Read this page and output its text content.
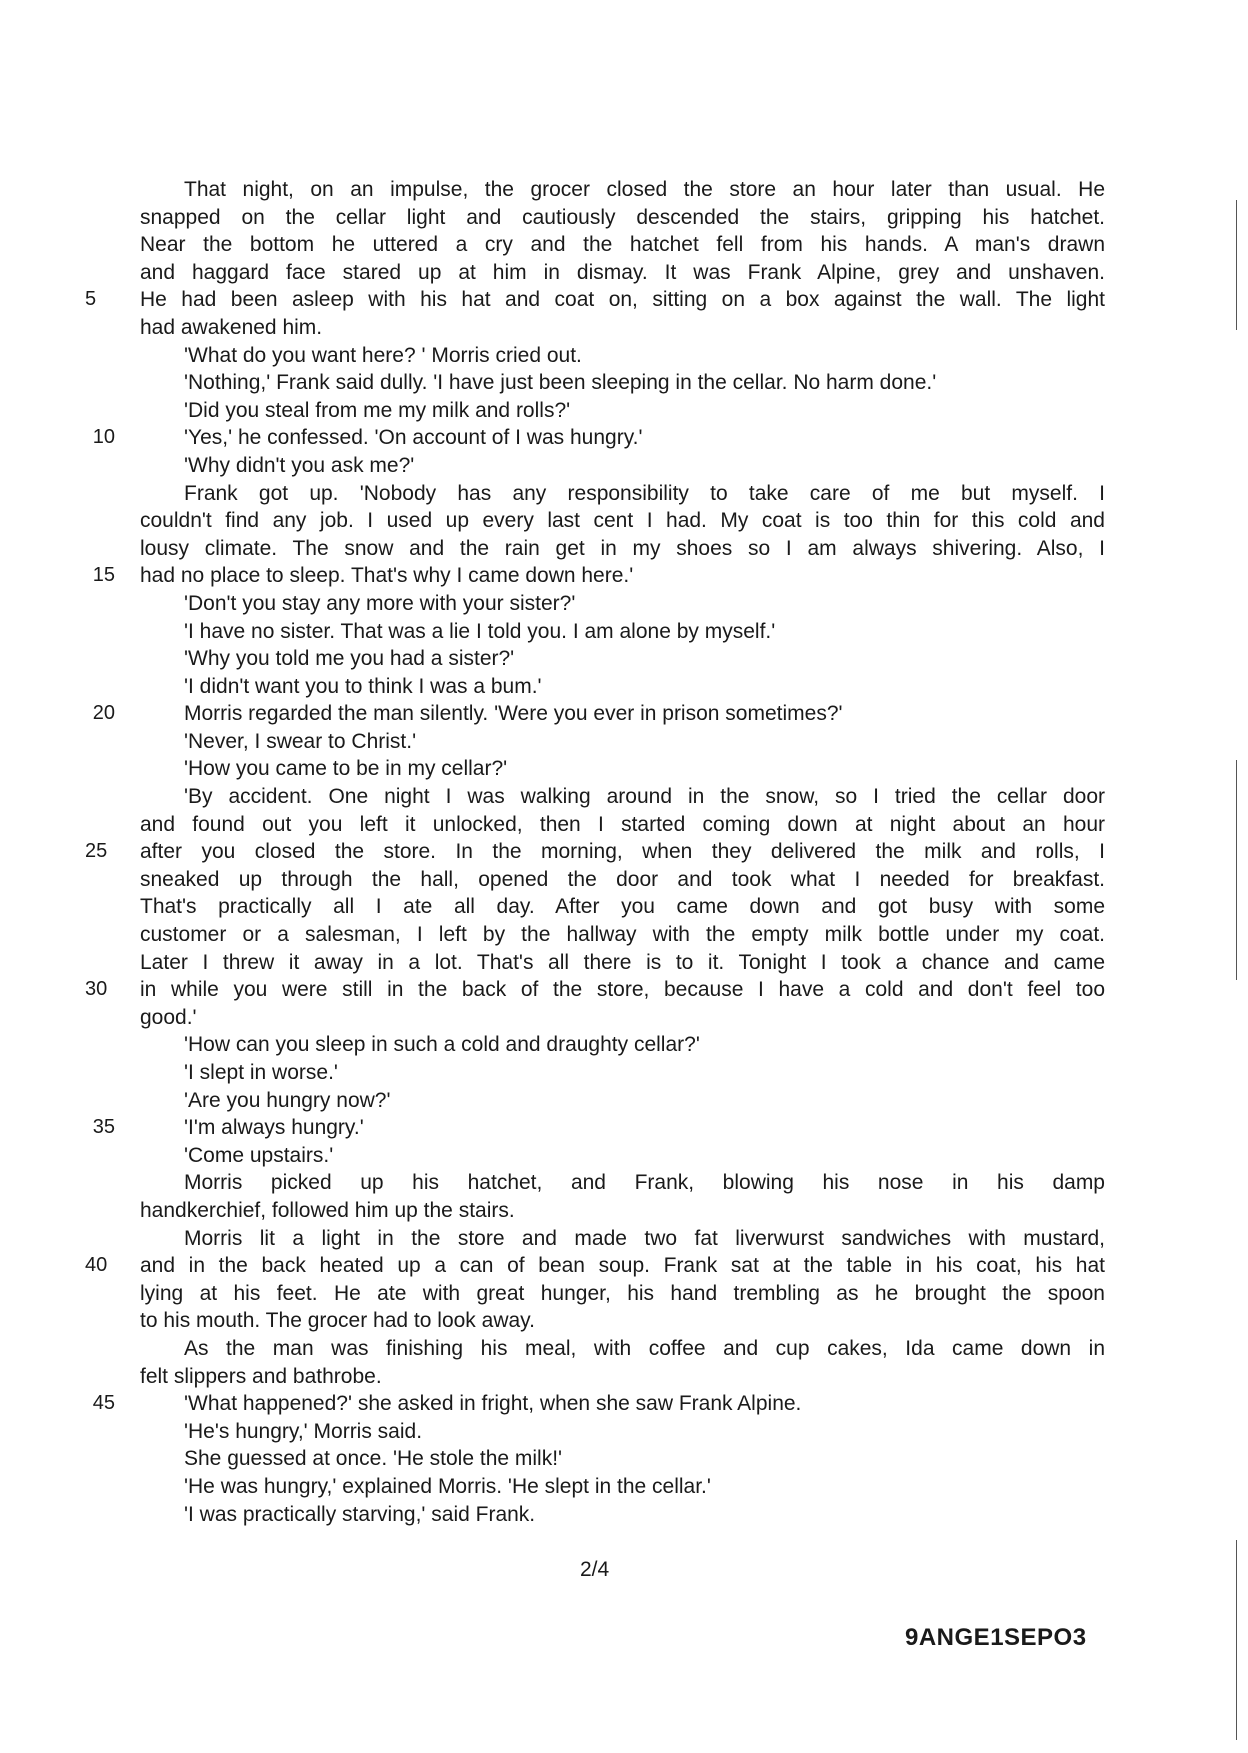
That night, on an impulse, the grocer closed the store an hour later than usual. He
snapped on the cellar light and cautiously descended the stairs, gripping his hatchet.
Near the bottom he uttered a cry and the hatchet fell from his hands. A man's drawn
and haggard face stared up at him in dismay. It was Frank Alpine, grey and unshaven.
5	He had been asleep with his hat and coat on, sitting on a box against the wall. The light
had awakened him.
'What do you want here? ' Morris cried out.
'Nothing,' Frank said dully. 'I have just been sleeping in the cellar. No harm done.'
'Did you steal from me my milk and rolls?'
10	'Yes,' he confessed. 'On account of I was hungry.'
'Why didn't you ask me?'
Frank got up. 'Nobody has any responsibility to take care of me but myself. I
couldn't find any job. I used up every last cent I had. My coat is too thin for this cold and
lousy climate. The snow and the rain get in my shoes so I am always shivering. Also, I
15 had no place to sleep. That's why I came down here.'
'Don't you stay any more with your sister?'
'I have no sister. That was a lie I told you. I am alone by myself.'
'Why you told me you had a sister?'
'I didn't want you to think I was a bum.'
20	Morris regarded the man silently. 'Were you ever in prison sometimes?'
'Never, I swear to Christ.'
'How you came to be in my cellar?'
'By accident. One night I was walking around in the snow, so I tried the cellar door
and found out you left it unlocked, then I started coming down at night about an hour
25	after you closed the store. In the morning, when they delivered the milk and rolls, I
sneaked up through the hall, opened the door and took what I needed for breakfast.
That's practically all I ate all day. After you came down and got busy with some
customer or a salesman, I left by the hallway with the empty milk bottle under my coat.
Later I threw it away in a lot. That's all there is to it. Tonight I took a chance and came
30	in while you were still in the back of the store, because I have a cold and don't feel too
good.'
'How can you sleep in such a cold and draughty cellar?'
'I slept in worse.'
'Are you hungry now?'
35	'I'm always hungry.'
'Come upstairs.'
Morris picked up his hatchet, and Frank, blowing his nose in his damp
handkerchief, followed him up the stairs.
Morris lit a light in the store and made two fat liverwurst sandwiches with mustard,
40	and in the back heated up a can of bean soup. Frank sat at the table in his coat, his hat
lying at his feet. He ate with great hunger, his hand trembling as he brought the spoon
to his mouth. The grocer had to look away.
As the man was finishing his meal, with coffee and cup cakes, Ida came down in
felt slippers and bathrobe.
45	'What happened?' she asked in fright, when she saw Frank Alpine.
'He's hungry,' Morris said.
She guessed at once. 'He stole the milk!'
'He was hungry,' explained Morris. 'He slept in the cellar.'
'I was practically starving,' said Frank.
2/4
9ANGE1SEPO3
